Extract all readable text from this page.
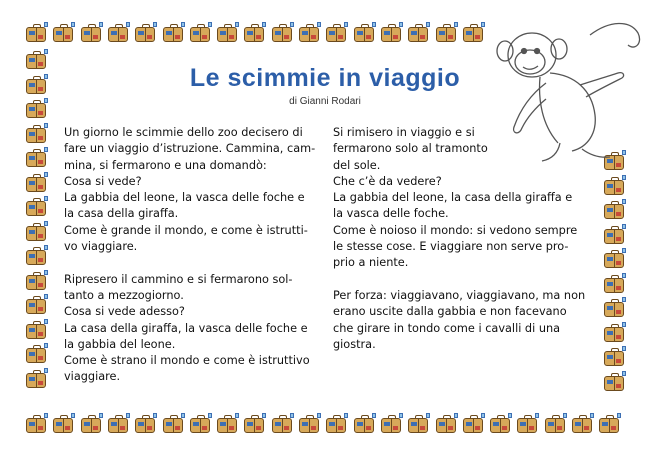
Le scimmie in viaggio
di Gianni Rodari
Un giorno le scimmie dello zoo decisero di
fare un viaggio d’istruzione. Cammina, cam-
mina, si fermarono e una domandò:
Cosa si vede?
La gabbia del leone, la vasca delle foche e
la casa della giraffa.
Come è grande il mondo, e come è istrutti-
vo viaggiare.
Ripresero il cammino e si fermarono sol-
tanto a mezzogiorno.
Cosa si vede adesso?
La casa della giraffa, la vasca delle foche e
la gabbia del leone.
Come è strano il mondo e come è istruttivo
viaggiare.
Si rimisero in viaggio e si
fermarono solo al tramonto
del sole.
Che c’è da vedere?
La gabbia del leone, la casa della giraffa e
la vasca delle foche.
Come è noioso il mondo: si vedono sempre
le stesse cose. E viaggiare non serve pro-
prio a niente.
Per forza: viaggiavano, viaggiavano, ma non
erano uscite dalla gabbia e non facevano
che girare in tondo come i cavalli di una
giostra.
